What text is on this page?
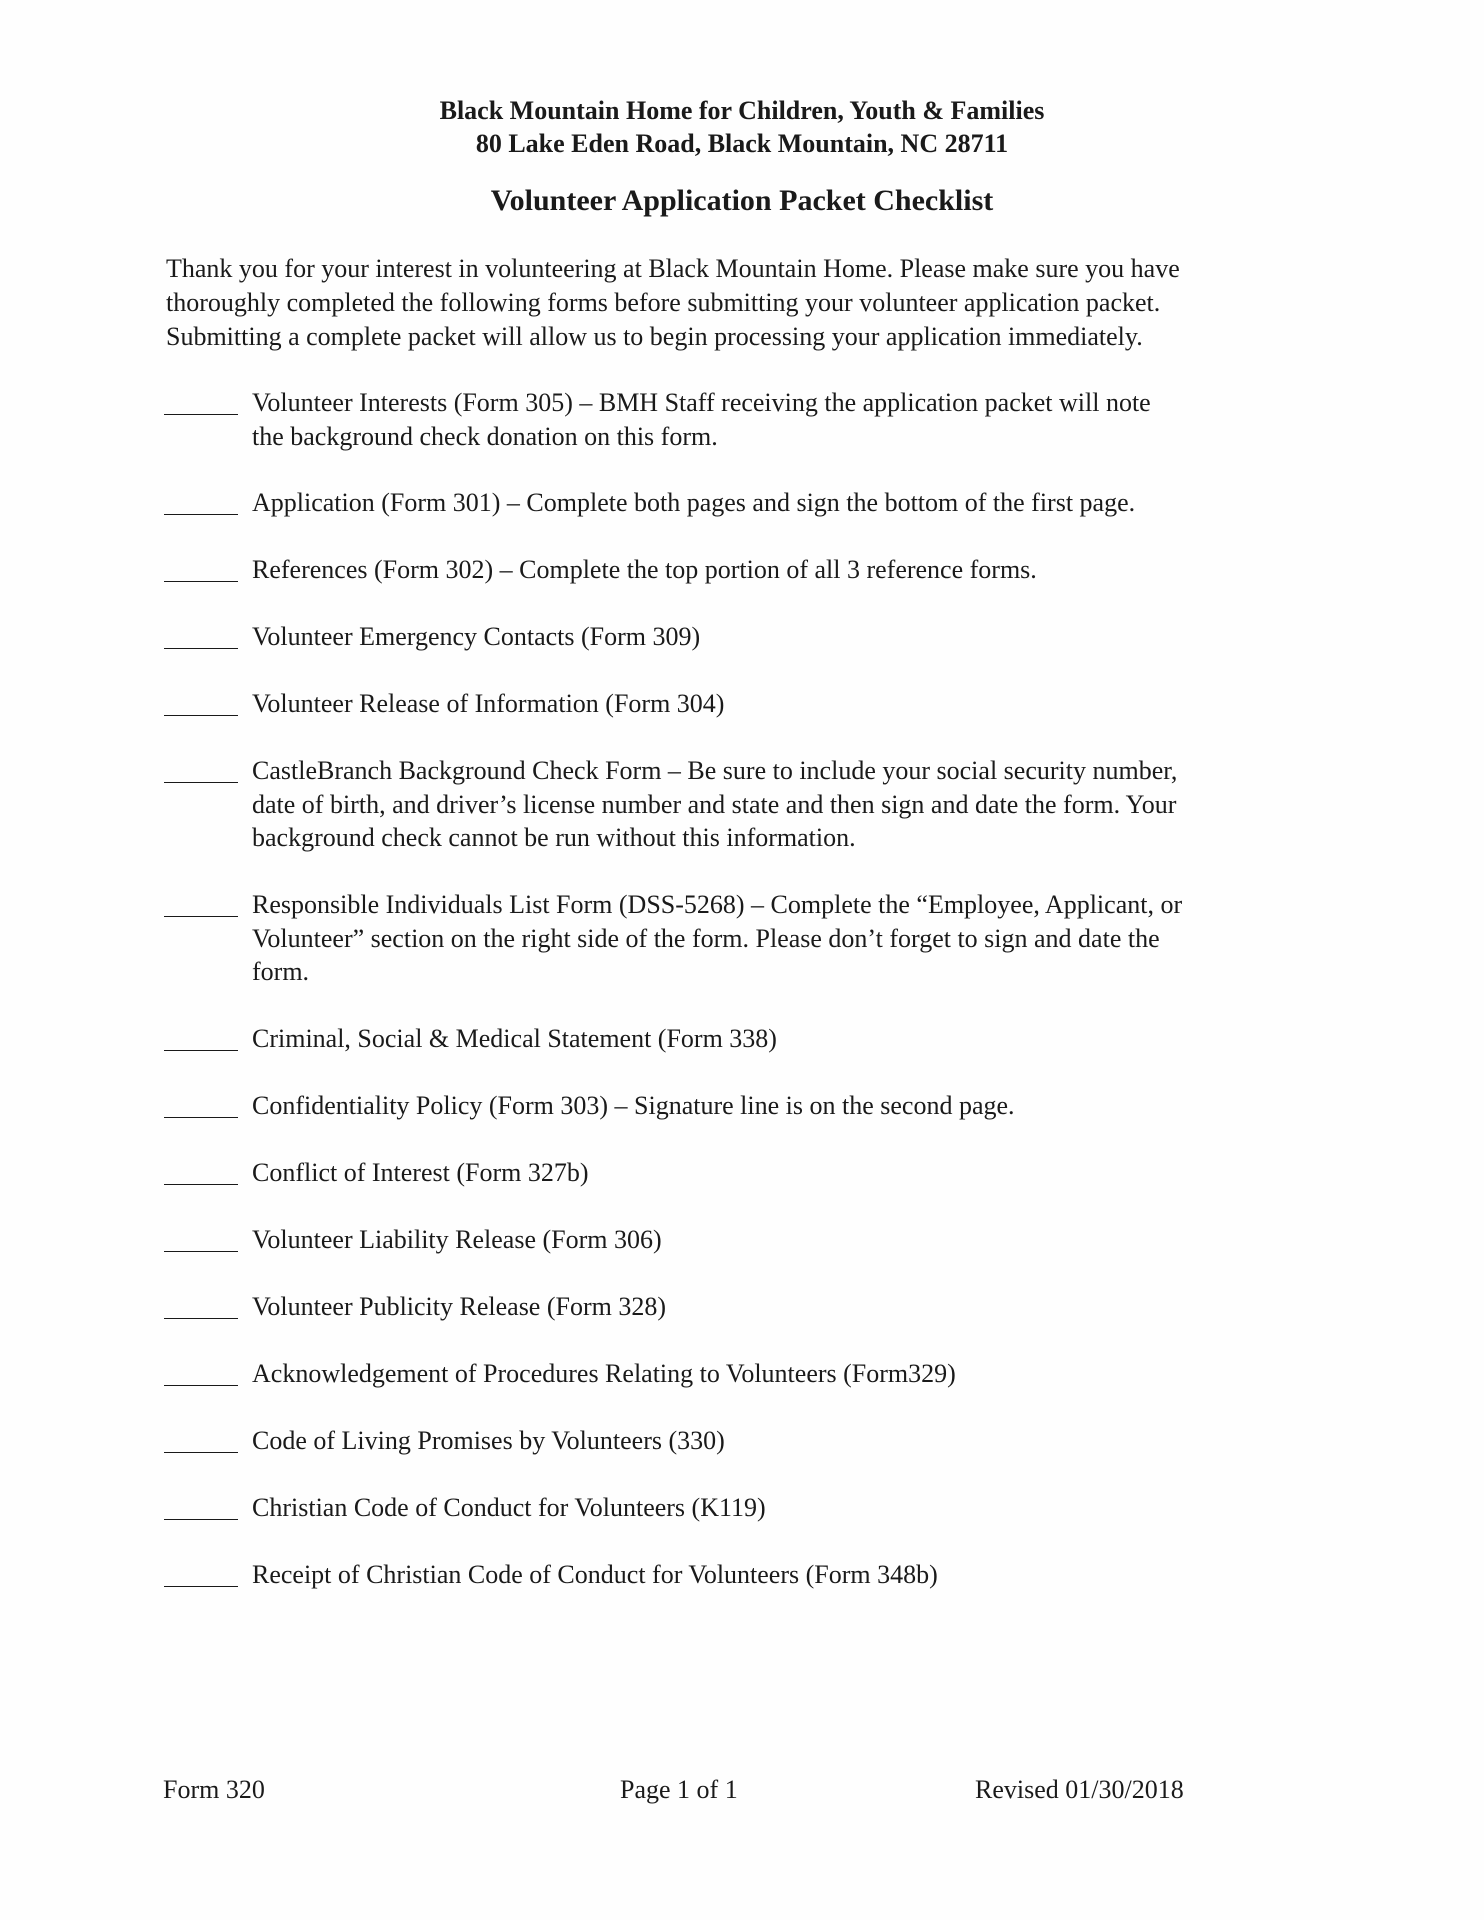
Black Mountain Home for Children, Youth & Families
80 Lake Eden Road, Black Mountain, NC 28711
Volunteer Application Packet Checklist
Thank you for your interest in volunteering at Black Mountain Home. Please make sure you have
thoroughly completed the following forms before submitting your volunteer application packet.
Submitting a complete packet will allow us to begin processing your application immediately.
Volunteer Interests (Form 305) – BMH Staff receiving the application packet will note
the background check donation on this form.
Application (Form 301) – Complete both pages and sign the bottom of the first page.
References (Form 302) – Complete the top portion of all 3 reference forms.
Volunteer Emergency Contacts (Form 309)
Volunteer Release of Information (Form 304)
CastleBranch Background Check Form – Be sure to include your social security number,
date of birth, and driver’s license number and state and then sign and date the form. Your
background check cannot be run without this information.
Responsible Individuals List Form (DSS-5268) – Complete the “Employee, Applicant, or
Volunteer” section on the right side of the form. Please don’t forget to sign and date the
form.
Criminal, Social & Medical Statement (Form 338)
Confidentiality Policy (Form 303) – Signature line is on the second page.
Conflict of Interest (Form 327b)
Volunteer Liability Release (Form 306)
Volunteer Publicity Release (Form 328)
Acknowledgement of Procedures Relating to Volunteers (Form329)
Code of Living Promises by Volunteers (330)
Christian Code of Conduct for Volunteers (K119)
Receipt of Christian Code of Conduct for Volunteers (Form 348b)
Form 320	Page 1 of 1	Revised 01/30/2018
